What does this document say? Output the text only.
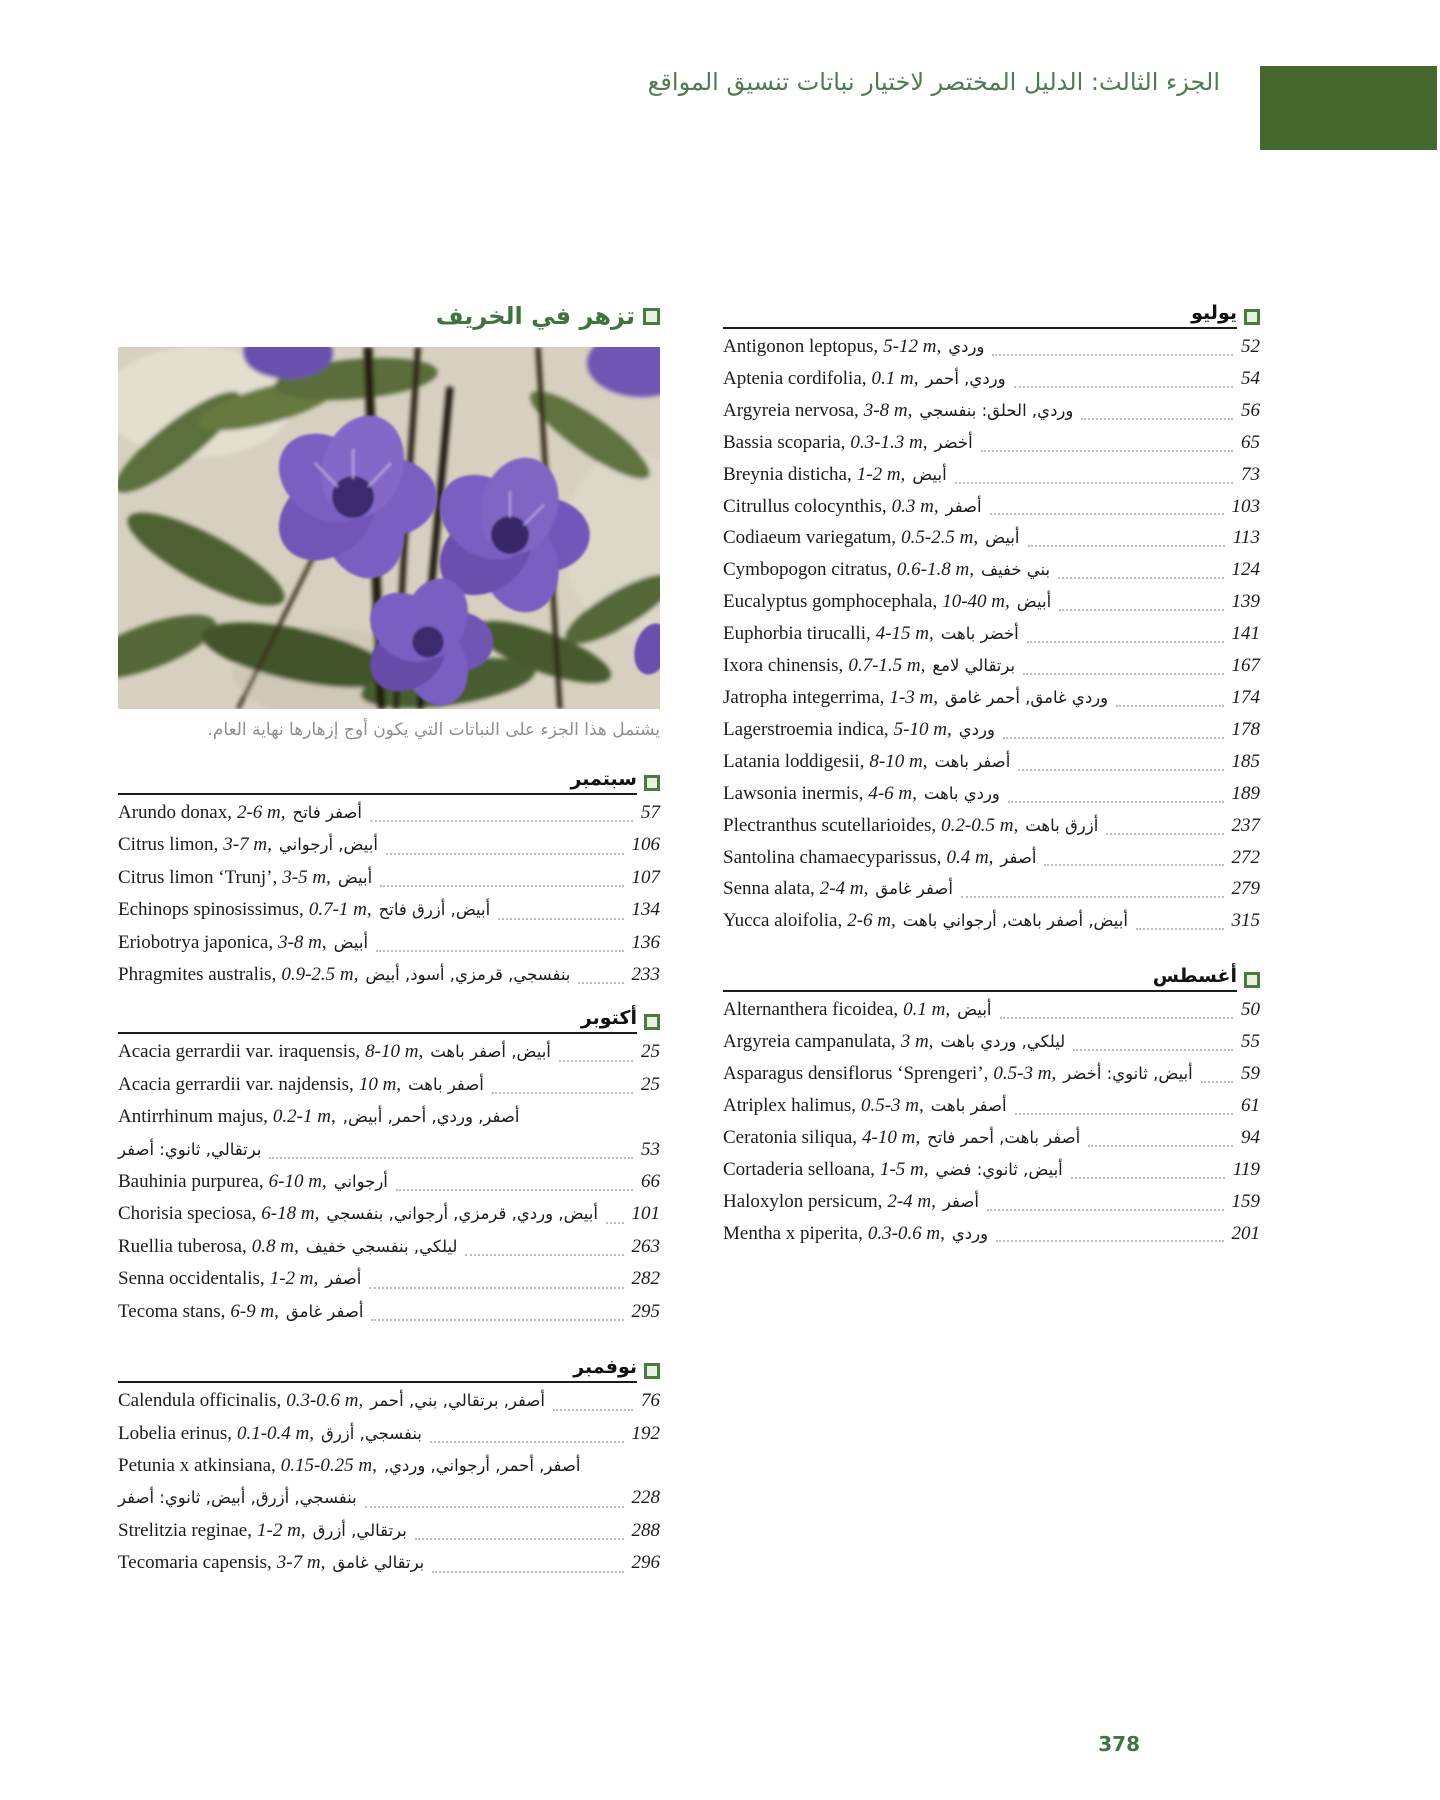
الجزء الثالث: الدليل المختصر لاختيار نباتات تنسيق المواقع
تزهر في الخريف
يشتمل هذا الجزء على النباتات التي يكون أوج إزهارها نهاية العام.
سبتمبر
Arundo donax, 2-6 m, أصفر فاتح	57
Citrus limon, 3-7 m, أبيض, أرجواني	106
Citrus limon ‘Trunj’, 3-5 m, أبيض	107
Echinops spinosissimus, 0.7-1 m, أبيض, أزرق فاتح	134
Eriobotrya japonica, 3-8 m, أبيض	136
Phragmites australis, 0.9-2.5 m, بنفسجي, قرمزي, أسود, أبيض	233
أكتوبر
Acacia gerrardii var. iraquensis, 8-10 m, أبيض, أصفر باهت	25
Acacia gerrardii var. najdensis, 10 m, أصفر باهت	25
Antirrhinum majus, 0.2-1 m, أصفر, وردي, أحمر, أبيض,
برتقالي, ثانوي: أصفر	53
Bauhinia purpurea, 6-10 m, أرجواني	66
Chorisia speciosa, 6-18 m, أبيض, وردي, قرمزي, أرجواني, بنفسجي 101
Ruellia tuberosa, 0.8 m, ليلكي, بنفسجي خفيف	263
Senna occidentalis, 1-2 m, أصفر	282
Tecoma stans, 6-9 m, أصفر غامق	295
نوفمبر
Calendula officinalis, 0.3-0.6 m, أصفر, برتقالي, بني, أحمر	76
Lobelia erinus, 0.1-0.4 m, بنفسجي, أزرق	192
Petunia x atkinsiana, 0.15-0.25 m, أصفر, أحمر, أرجواني, وردي,
بنفسجي, أزرق, أبيض, ثانوي: أصفر	228
Strelitzia reginae, 1-2 m, برتقالي, أزرق	288
Tecomaria capensis, 3-7 m, برتقالي غامق	296
يوليو
Antigonon leptopus, 5-12 m, وردي	52
Aptenia cordifolia, 0.1 m, وردي, أحمر	54
Argyreia nervosa, 3-8 m, وردي, الحلق: بنفسجي	56
Bassia scoparia, 0.3-1.3 m, أخضر	65
Breynia disticha, 1-2 m, أبيض	73
Citrullus colocynthis, 0.3 m, أصفر	103
Codiaeum variegatum, 0.5-2.5 m, أبيض	113
Cymbopogon citratus, 0.6-1.8 m, بني خفيف	124
Eucalyptus gomphocephala, 10-40 m, أبيض	139
Euphorbia tirucalli, 4-15 m, أخضر باهت	141
Ixora chinensis, 0.7-1.5 m, برتقالي لامع	167
Jatropha integerrima, 1-3 m, وردي غامق, أحمر غامق	174
Lagerstroemia indica, 5-10 m, وردي	178
Latania loddigesii, 8-10 m, أصفر باهت	185
Lawsonia inermis, 4-6 m, وردي باهت	189
Plectranthus scutellarioides, 0.2-0.5 m, أزرق باهت	237
Santolina chamaecyparissus, 0.4 m, أصفر	272
Senna alata, 2-4 m, أصفر غامق	279
Yucca aloifolia, 2-6 m, أبيض, أصفر باهت, أرجواني باهت	315
أغسطس
Alternanthera ficoidea, 0.1 m, أبيض	50
Argyreia campanulata, 3 m, ليلكي, وردي باهت	55
Asparagus densiflorus ‘Sprengeri’, 0.5-3 m, أبيض, ثانوي: أخضر	59
Atriplex halimus, 0.5-3 m, أصفر باهت	61
Ceratonia siliqua, 4-10 m, أصفر باهت, أحمر فاتح	94
Cortaderia selloana, 1-5 m, أبيض, ثانوي: فضي	119
Haloxylon persicum, 2-4 m, أصفر	159
Mentha x piperita, 0.3-0.6 m, وردي	201
378
